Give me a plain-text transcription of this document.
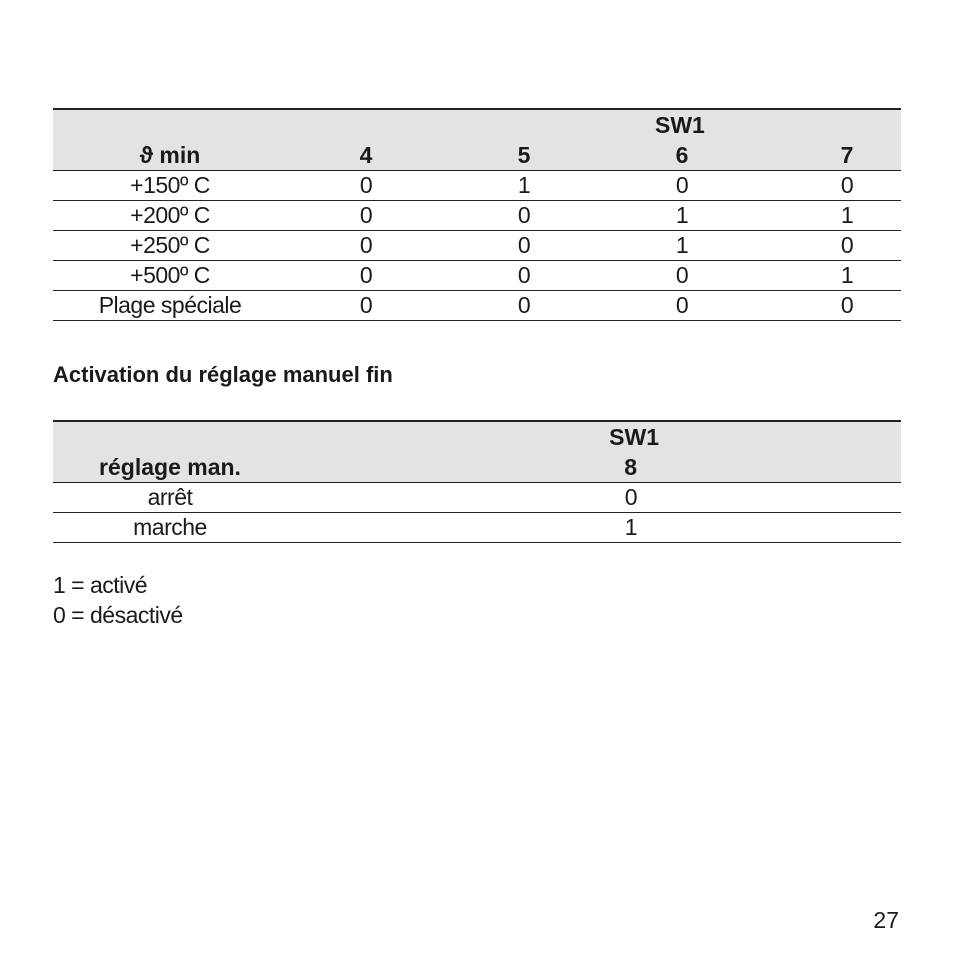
			SW1	
ϑ min	4	5	6	7
+150º C	0	1	0	0
+200º C	0	0	1	1
+250º C	0	0	1	0
+500º C	0	0	0	1
Plage spéciale	0	0	0	0
Activation du réglage manuel fin
	SW1	
réglage man.	8	
arrêt	0	
marche	1	
1 = activé
0 = désactivé
27
